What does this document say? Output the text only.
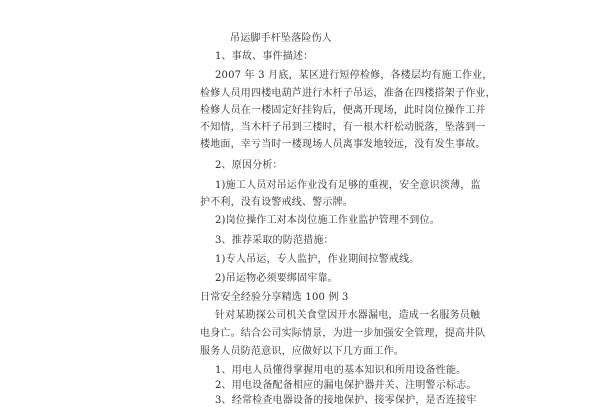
吊运脚手杆坠落险伤人
1、事故、事件描述：
2007 年 3 月底，某区进行短停检修，各楼层均有施工作业，
检修人员用四楼电葫芦进行木杆子吊运，准备在四楼搭架子作业，
检修人员在一楼固定好挂钩后，便离开现场，此时岗位操作工并
不知情，当木杆子吊到三楼时，有一根木杆松动脱落，坠落到一
楼地面，幸亏当时一楼现场人员离事发地较远，没有发生事故。
2、原因分析：
1)施工人员对吊运作业没有足够的重视，安全意识淡薄，监
护不利，没有设警戒线、警示牌。
2)岗位操作工对本岗位施工作业监护管理不到位。
3、推荐采取的防范措施：
1)专人吊运，专人监护，作业期间拉警戒线。
2)吊运物必须要绑固牢靠。
日常安全经验分享精选 100 例 3
针对某勘探公司机关食堂因开水器漏电，造成一名服务员触
电身亡。结合公司实际情景，为进一步加强安全管理，提高井队
服务人员防范意识，应做好以下几方面工作。
1、用电人员懂得掌握用电的基本知识和所用设备性能。
2、用电设备配备相应的漏电保护器并关、注明警示标志。
3、经常检查电器设备的接地保护、接零保护，是否连接牢
